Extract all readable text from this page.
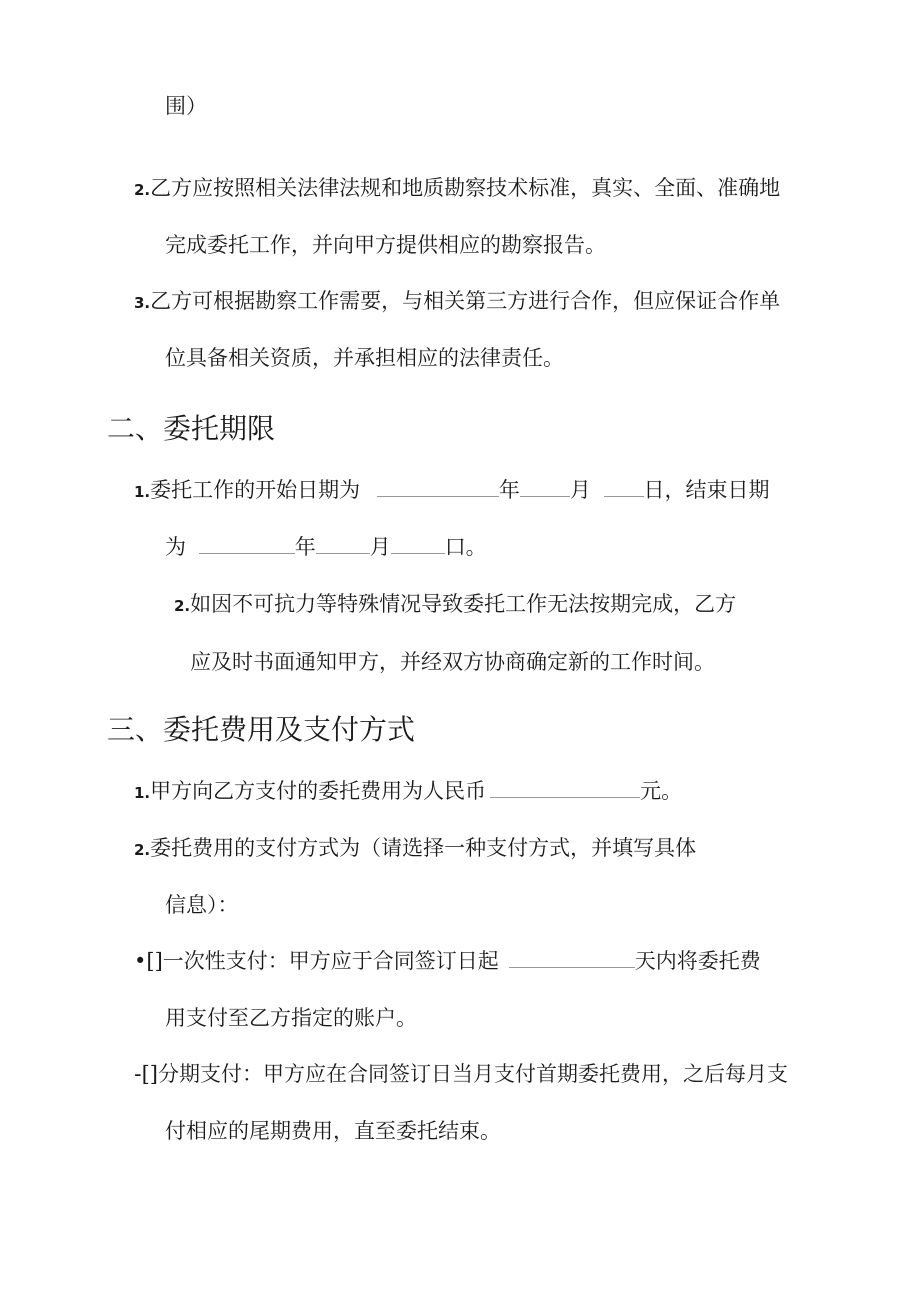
围）
2.乙方应按照相关法律法规和地质勘察技术标准，真实、全面、准确地
完成委托工作，并向甲方提供相应的勘察报告。
3.乙方可根据勘察工作需要，与相关第三方进行合作，但应保证合作单
位具备相关资质，并承担相应的法律责任。
二、委托期限
1.委托工作的开始日期为	年 月	日，结束日期
为	年	月	口。
2.如因不可抗力等特殊情况导致委托工作无法按期完成，乙方
应及时书面通知甲方，并经双方协商确定新的工作时间。
三、委托费用及支付方式
1.甲方向乙方支付的委托费用为人民币	元。
2.委托费用的支付方式为（请选择一种支付方式，并填写具体
信息）：
•[]一次性支付：甲方应于合同签订日起	天内将委托费
用支付至乙方指定的账户。
-[]分期支付：甲方应在合同签订日当月支付首期委托费用，之后每月支
付相应的尾期费用，直至委托结束。
